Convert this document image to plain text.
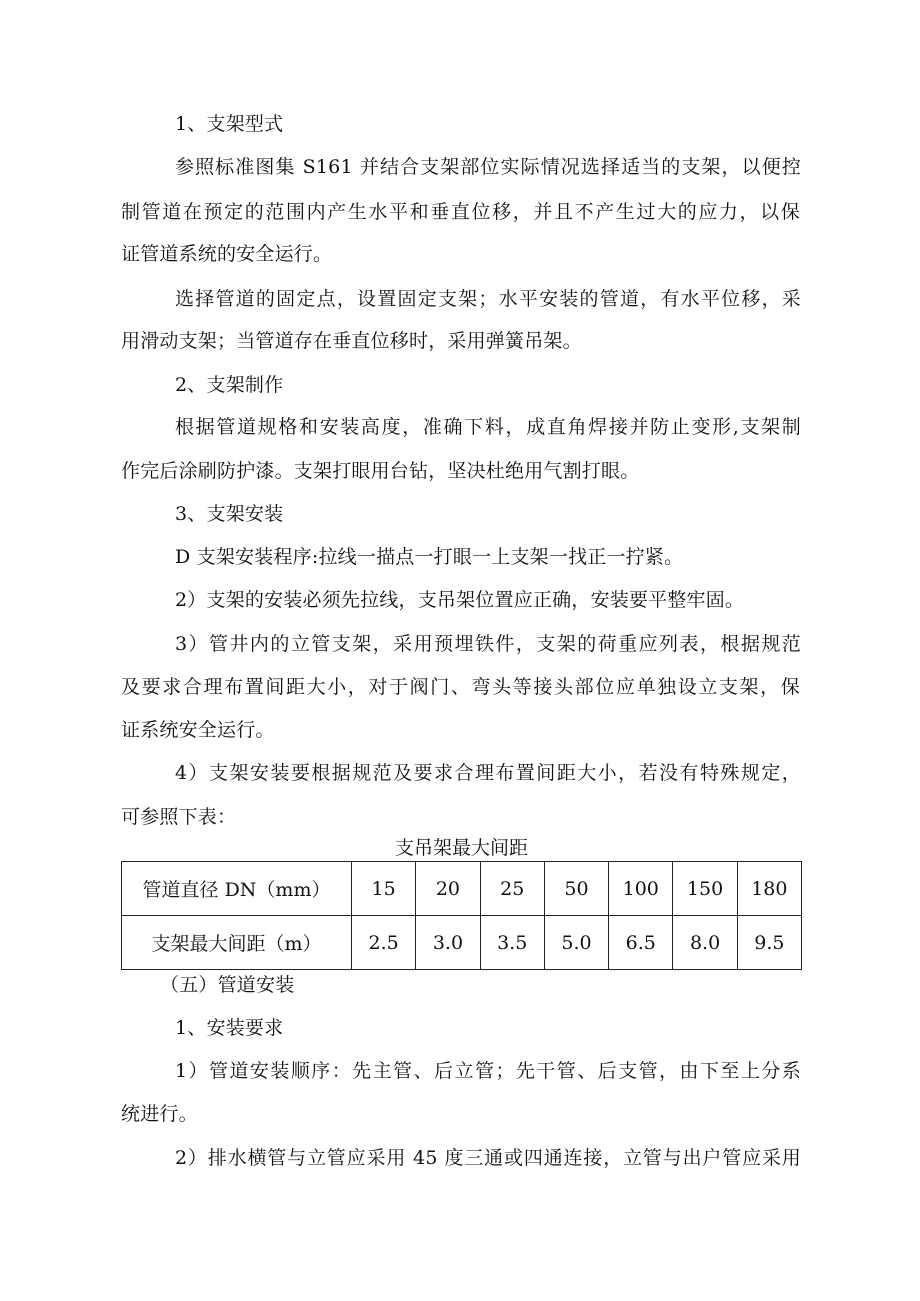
1、支架型式
参照标准图集 S161 并结合支架部位实际情况选择适当的支架，以便控
制管道在预定的范围内产生水平和垂直位移，并且不产生过大的应力，以保
证管道系统的安全运行。
选择管道的固定点，设置固定支架；水平安装的管道，有水平位移，采
用滑动支架；当管道存在垂直位移时，采用弹簧吊架。
2、支架制作
根据管道规格和安装高度，准确下料，成直角焊接并防止变形,支架制
作完后涂刷防护漆。支架打眼用台钻，坚决杜绝用气割打眼。
3、支架安装
D 支架安装程序:拉线一描点一打眼一上支架一找正一拧紧。
2）支架的安装必须先拉线，支吊架位置应正确，安装要平整牢固。
3）管井内的立管支架，采用预埋铁件，支架的荷重应列表，根据规范
及要求合理布置间距大小，对于阀门、弯头等接头部位应单独设立支架，保
证系统安全运行。
4）支架安装要根据规范及要求合理布置间距大小，若没有特殊规定，
可参照下表：
支吊架最大间距
管道直径 DN（mm）	15	20	25	50	100	150	180
支架最大间距（m）	2.5	3.0	3.5	5.0	6.5	8.0	9.5
（五）管道安装
1、安装要求
1）管道安装顺序：先主管、后立管；先干管、后支管，由下至上分系
统进行。
2）排水横管与立管应采用 45 度三通或四通连接，立管与出户管应采用
